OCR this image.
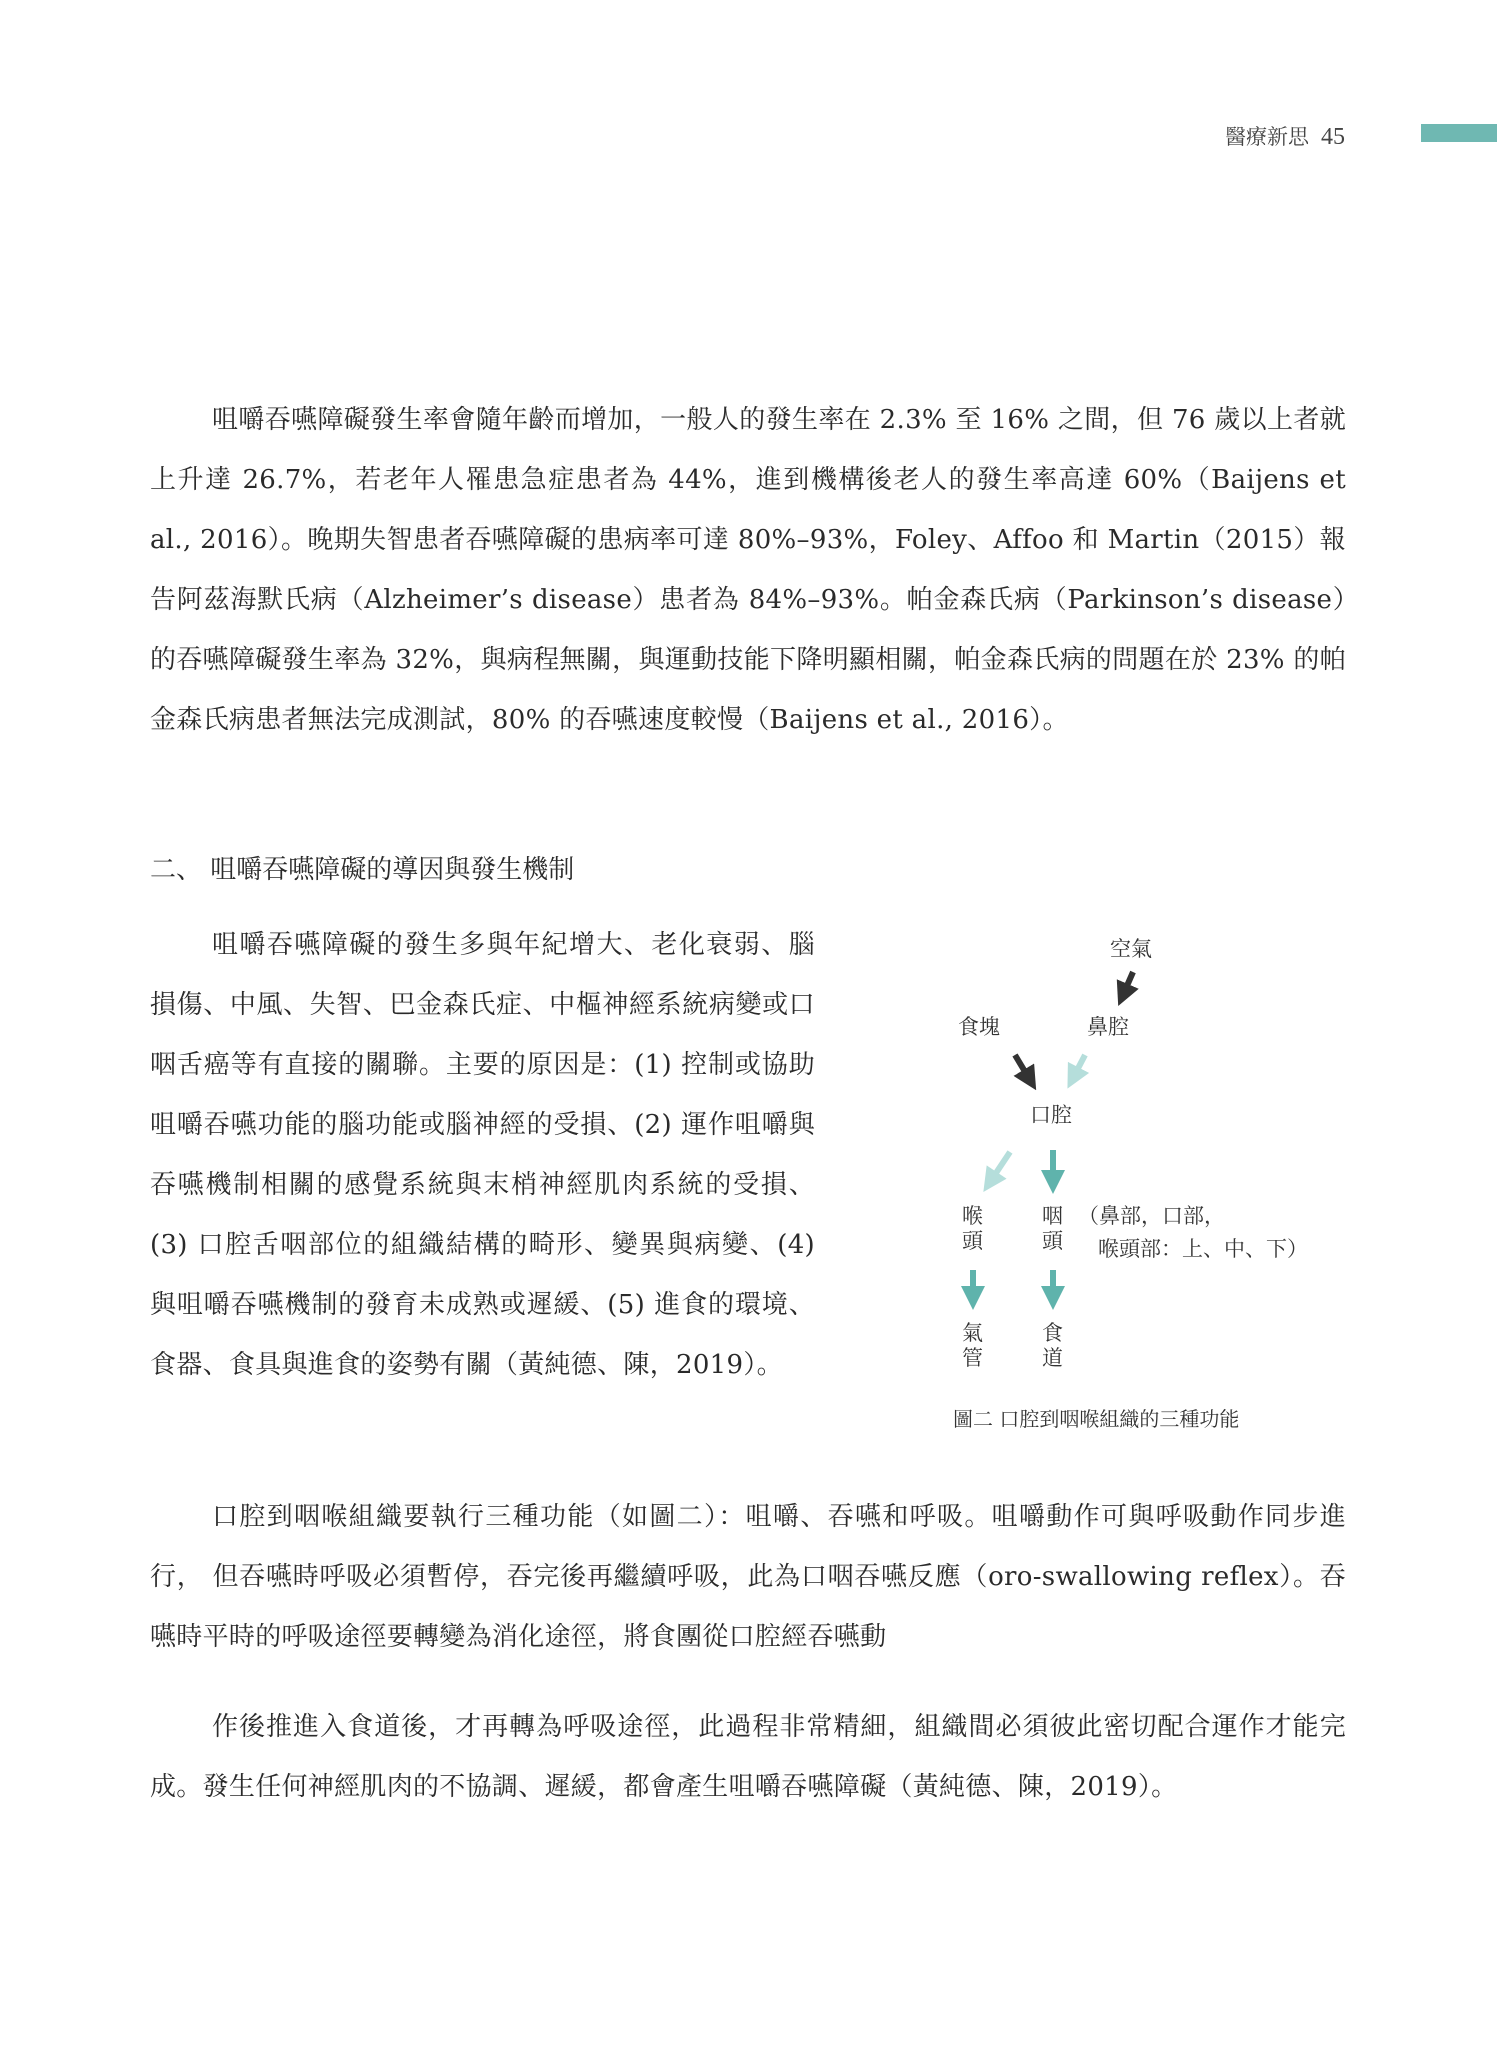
醫療新思 45

咀嚼吞嚥障礙發生率會隨年齡而增加，一般人的發生率在 2.3% 至 16% 之間，但 76 歲以上者就上升達 26.7%，若老年人罹患急症患者為 44%，進到機構後老人的發生率高達 60%（Baijens et al., 2016）。晚期失智患者吞嚥障礙的患病率可達 80%–93%，Foley、Affoo 和 Martin（2015）報告阿茲海默氏病（Alzheimer’s disease）患者為 84%–93%。帕金森氏病（Parkinson’s disease）的吞嚥障礙發生率為 32%，與病程無關，與運動技能下降明顯相關，帕金森氏病的問題在於 23% 的帕金森氏病患者無法完成測試，80% 的吞嚥速度較慢（Baijens et al., 2016）。

二、 咀嚼吞嚥障礙的導因與發生機制

咀嚼吞嚥障礙的發生多與年紀增大、老化衰弱、腦損傷、中風、失智、巴金森氏症、中樞神經系統病變或口咽舌癌等有直接的關聯。主要的原因是：(1) 控制或協助咀嚼吞嚥功能的腦功能或腦神經的受損、(2) 運作咀嚼與吞嚥機制相關的感覺系統與末梢神經肌肉系統的受損、(3) 口腔舌咽部位的組織結構的畸形、變異與病變、(4) 與咀嚼吞嚥機制的發育未成熟或遲緩、(5) 進食的環境、食器、食具與進食的姿勢有關（黃純德、陳，2019）。

空氣
食塊	鼻腔
口腔
喉
頭
咽
頭
（鼻部，口部，
喉頭部：上、中、下）
氣
管
食
道
圖二 口腔到咽喉組織的三種功能

口腔到咽喉組織要執行三種功能（如圖二）：咀嚼、吞嚥和呼吸。咀嚼動作可與呼吸動作同步進行， 但吞嚥時呼吸必須暫停，吞完後再繼續呼吸，此為口咽吞嚥反應（oro-swallowing reflex）。吞嚥時平時的呼吸途徑要轉變為消化途徑，將食團從口腔經吞嚥動

作後推進入食道後，才再轉為呼吸途徑，此過程非常精細，組織間必須彼此密切配合運作才能完成。發生任何神經肌肉的不協調、遲緩，都會產生咀嚼吞嚥障礙（黃純德、陳，2019）。
